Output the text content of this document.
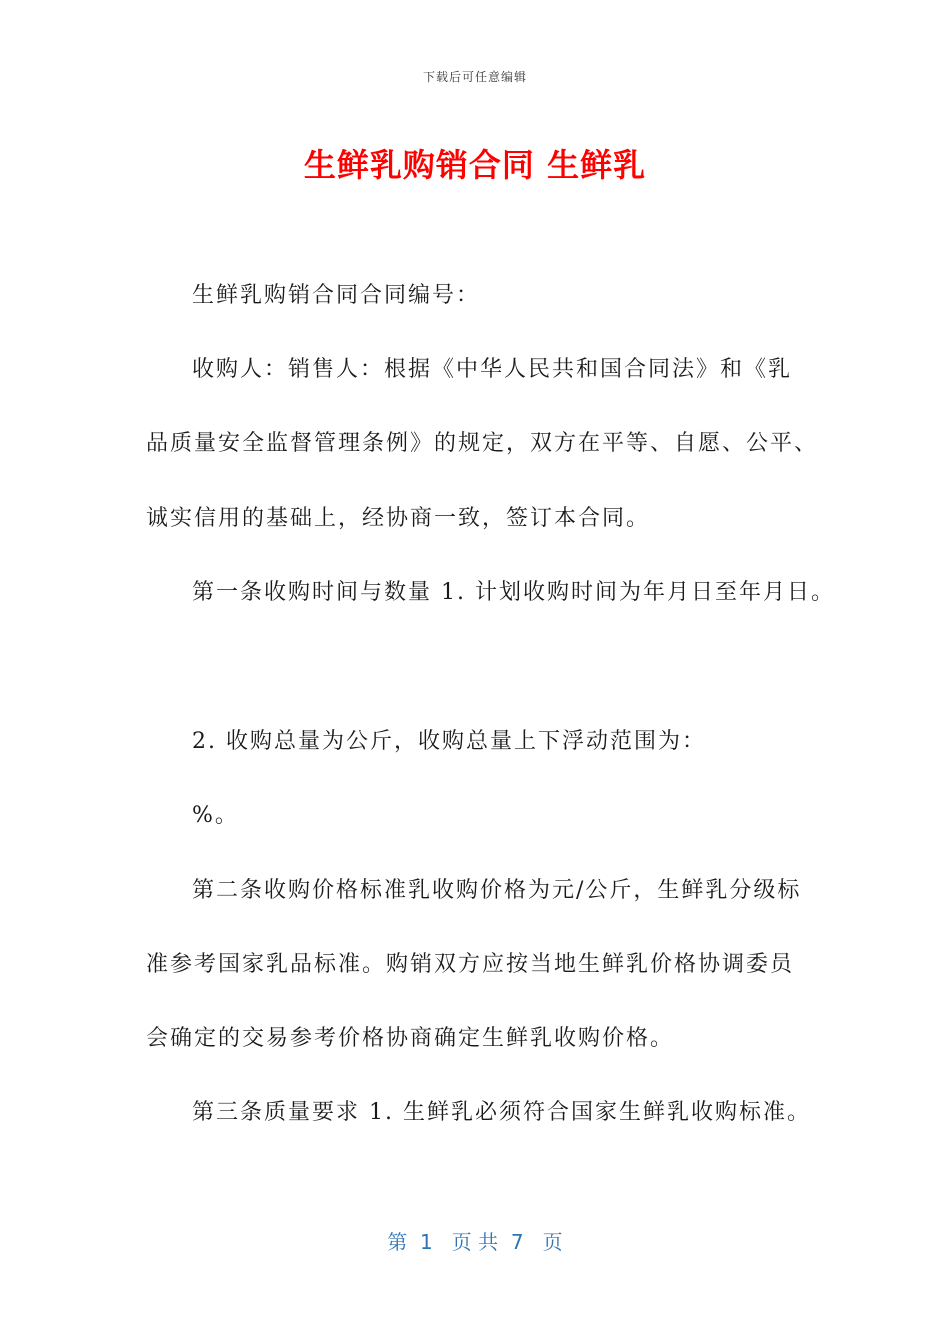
下载后可任意编辑
生鲜乳购销合同 生鲜乳
生鲜乳购销合同合同编号：
收购人：销售人：根据《中华人民共和国合同法》和《乳
品质量安全监督管理条例》的规定，双方在平等、自愿、公平、
诚实信用的基础上，经协商一致，签订本合同。
第一条收购时间与数量 1. 计划收购时间为年月日至年月日。
2. 收购总量为公斤，收购总量上下浮动范围为：
%。
第二条收购价格标准乳收购价格为元/公斤，生鲜乳分级标
准参考国家乳品标准。购销双方应按当地生鲜乳价格协调委员
会确定的交易参考价格协商确定生鲜乳收购价格。
第三条质量要求 1. 生鲜乳必须符合国家生鲜乳收购标准。
第  1   页 共  7   页
